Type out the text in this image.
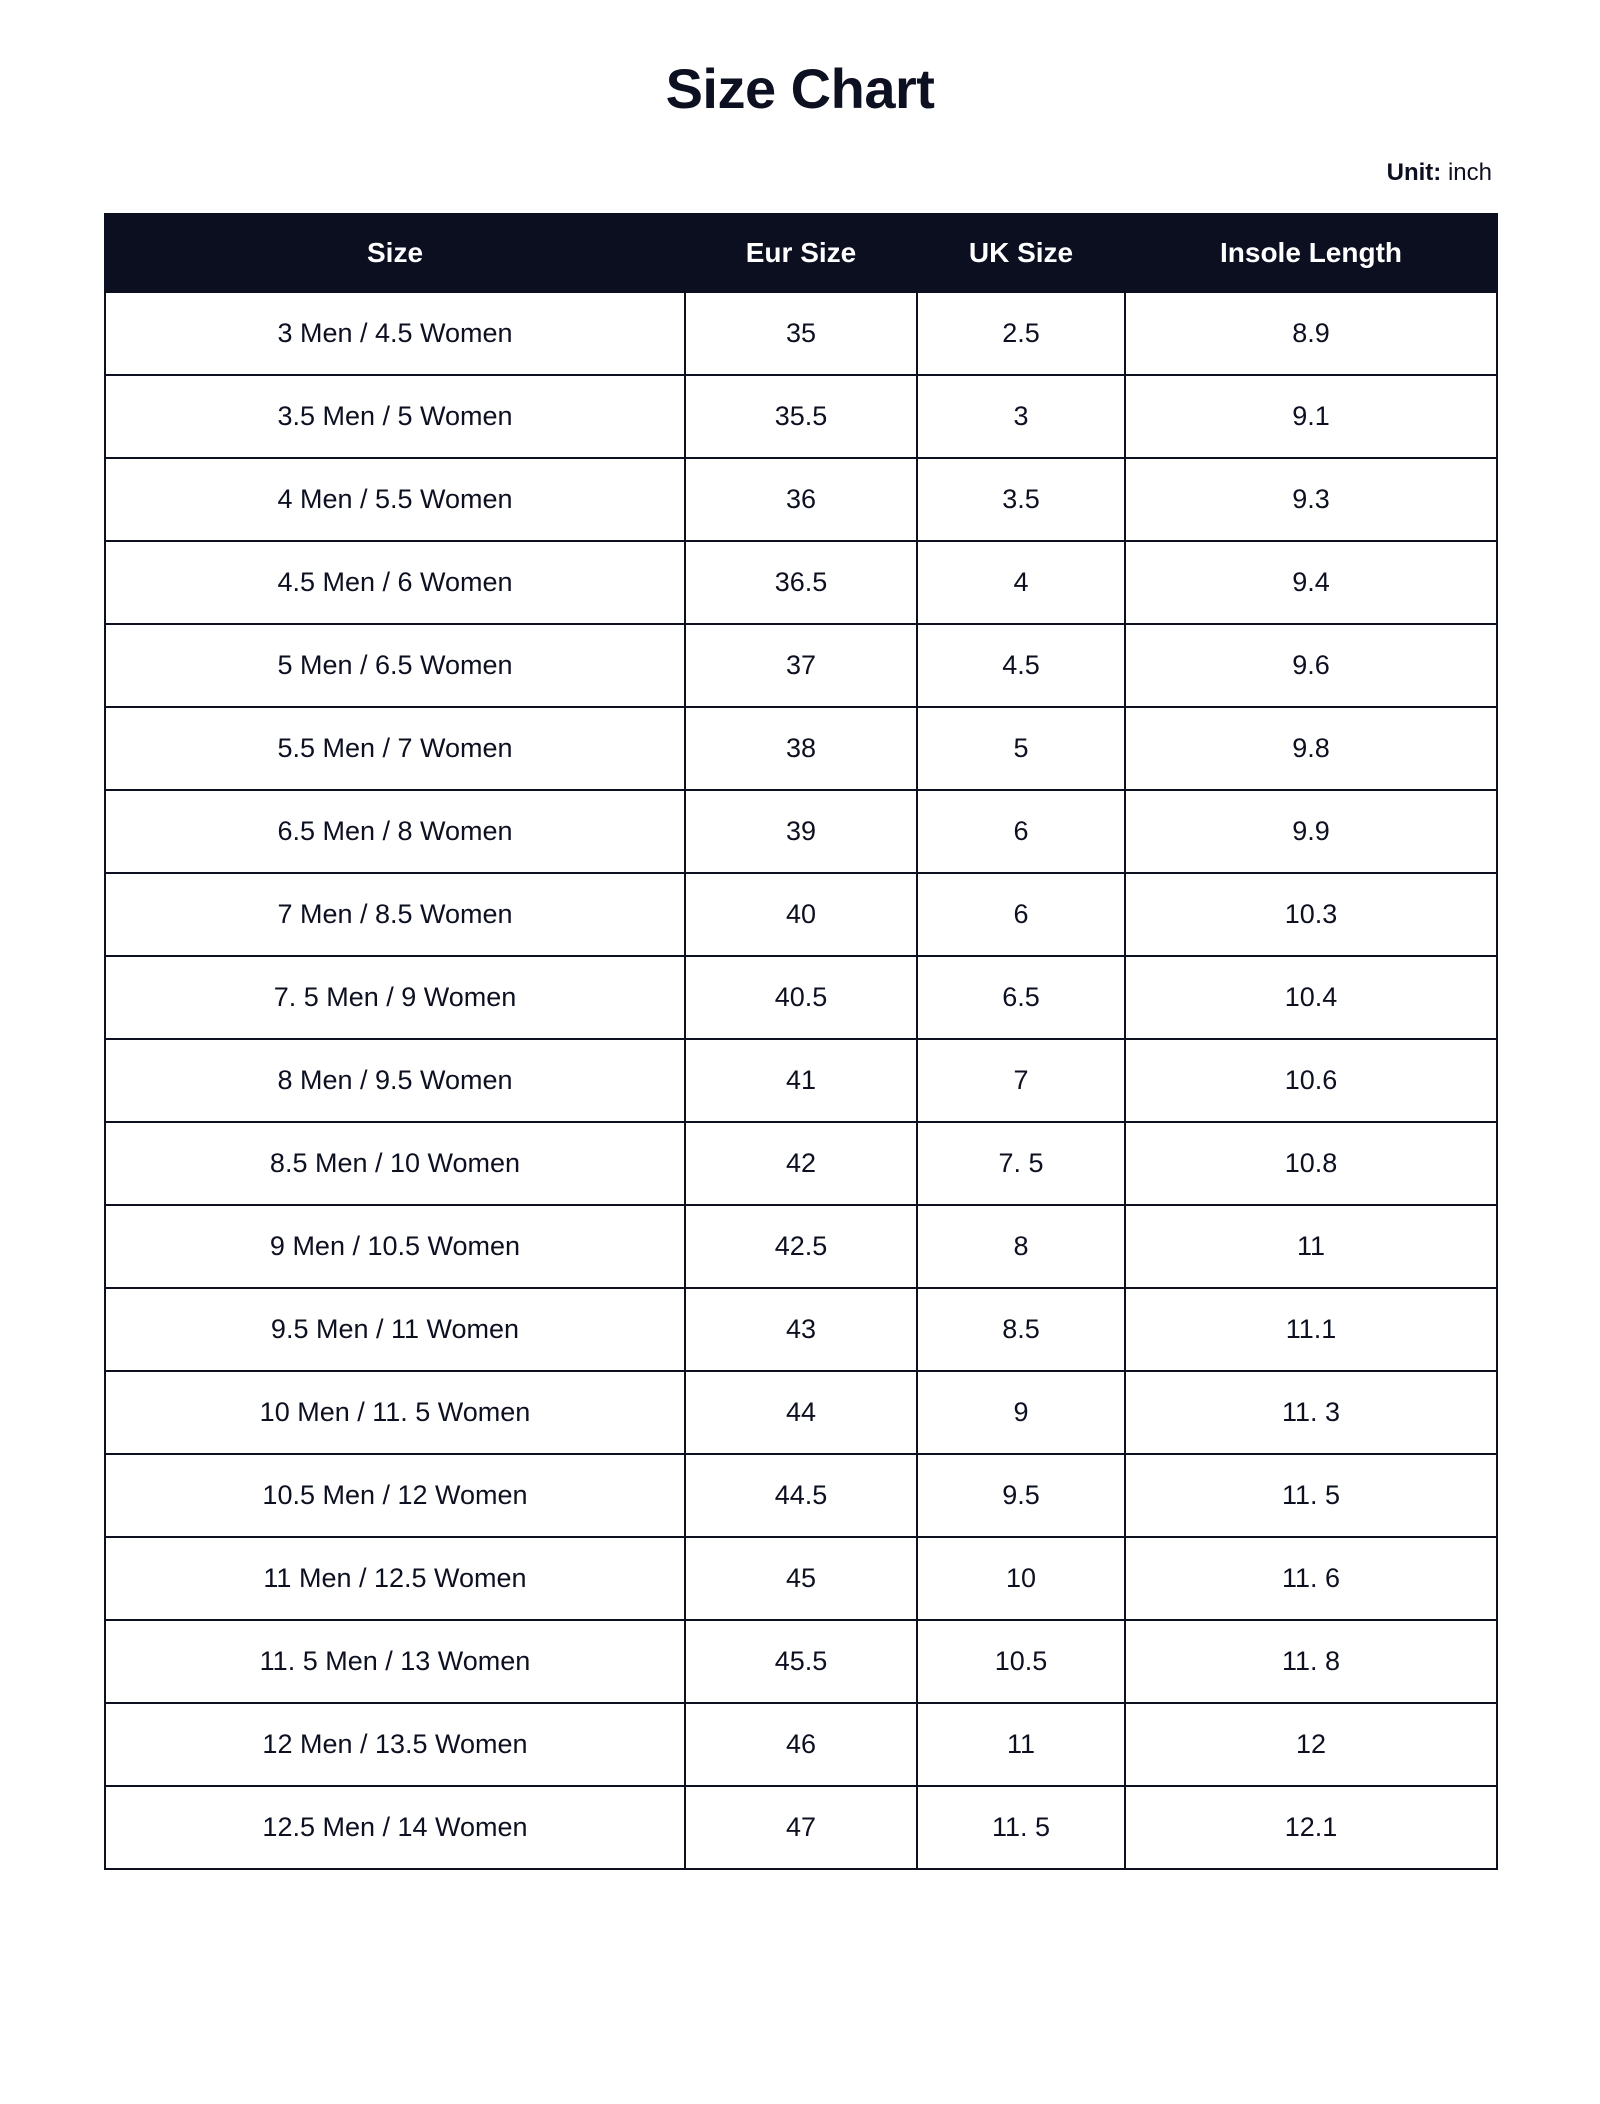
Size Chart
Unit: inch
Size	Eur Size	UK Size	Insole Length
3 Men / 4.5 Women	35	2.5	8.9
3.5 Men / 5 Women	35.5	3	9.1
4 Men / 5.5 Women	36	3.5	9.3
4.5 Men / 6 Women	36.5	4	9.4
5 Men / 6.5 Women	37	4.5	9.6
5.5 Men / 7 Women	38	5	9.8
6.5 Men / 8 Women	39	6	9.9
7 Men / 8.5 Women	40	6	10.3
7. 5 Men / 9 Women	40.5	6.5	10.4
8 Men / 9.5 Women	41	7	10.6
8.5 Men / 10 Women	42	7. 5	10.8
9 Men / 10.5 Women	42.5	8	11
9.5 Men / 11 Women	43	8.5	11.1
10 Men / 11. 5 Women	44	9	11. 3
10.5 Men / 12 Women	44.5	9.5	11. 5
11 Men / 12.5 Women	45	10	11. 6
11. 5 Men / 13 Women	45.5	10.5	11. 8
12 Men / 13.5 Women	46	11	12
12.5 Men / 14 Women	47	11. 5	12.1
